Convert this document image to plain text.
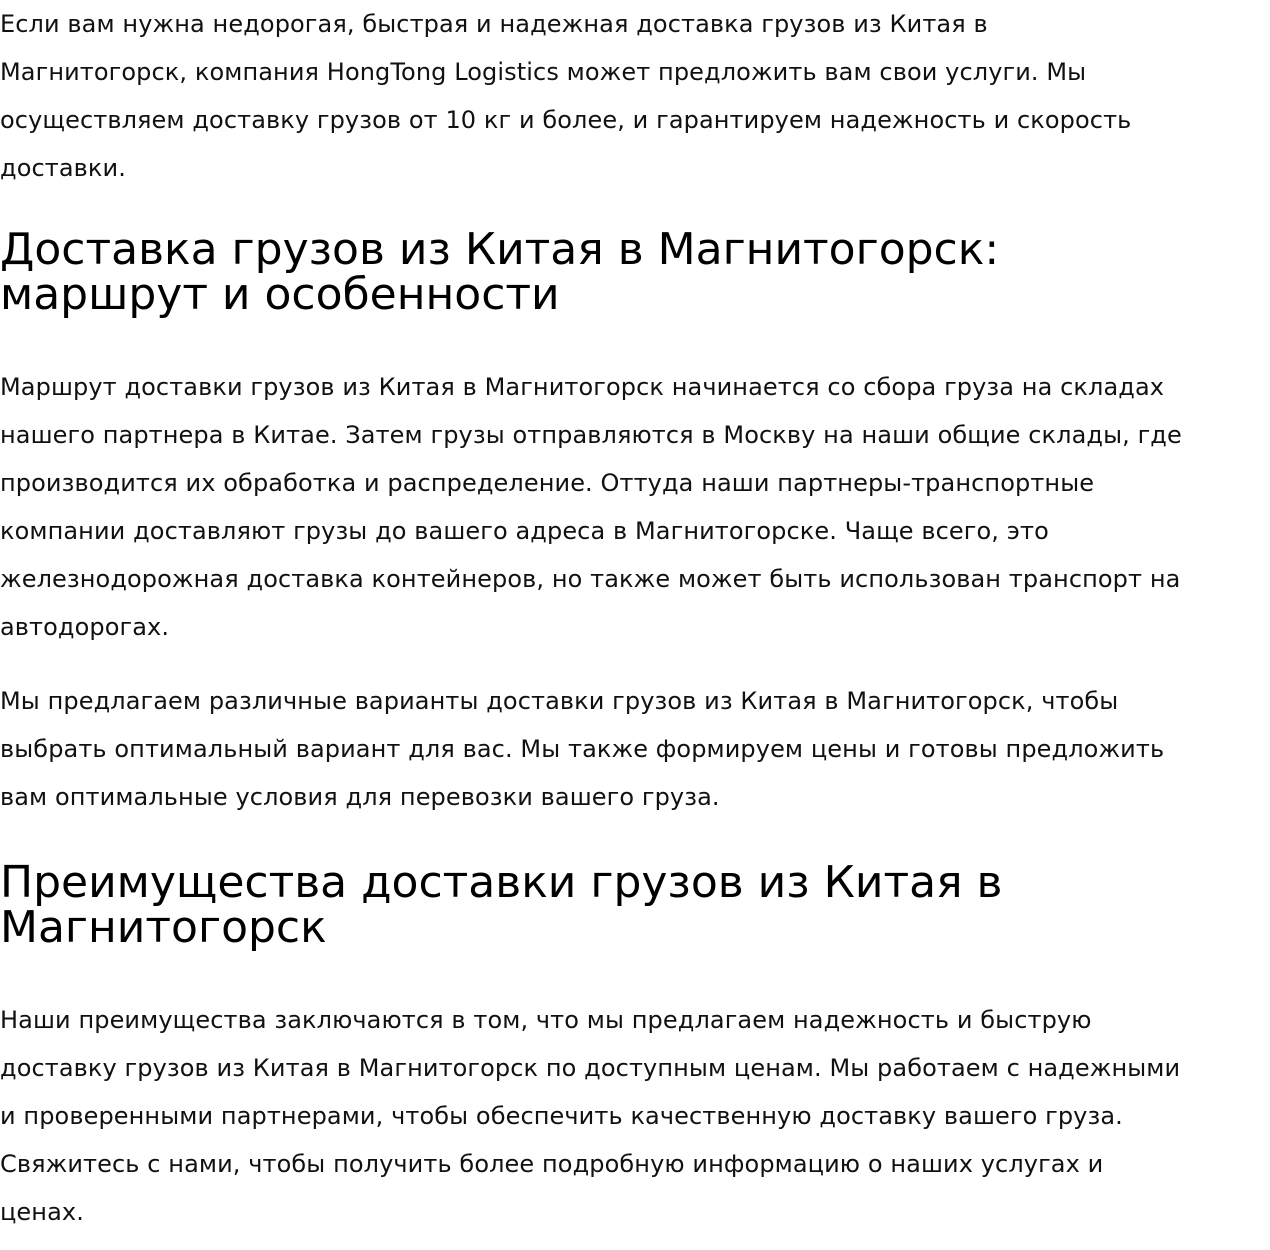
Если вам нужна недорогая, быстрая и надежная доставка грузов из Китая в
Магнитогорск, компания HongTong Logistics может предложить вам свои услуги. Мы
осуществляем доставку грузов от 10 кг и более, и гарантируем надежность и скорость
доставки.

Доставка грузов из Китая в Магнитогорск:
маршрут и особенности

Маршрут доставки грузов из Китая в Магнитогорск начинается со сбора груза на складах
нашего партнера в Китае. Затем грузы отправляются в Москву на наши общие склады, где
производится их обработка и распределение. Оттуда наши партнеры-транспортные
компании доставляют грузы до вашего адреса в Магнитогорске. Чаще всего, это
железнодорожная доставка контейнеров, но также может быть использован транспорт на
автодорогах.

Мы предлагаем различные варианты доставки грузов из Китая в Магнитогорск, чтобы
выбрать оптимальный вариант для вас. Мы также формируем цены и готовы предложить
вам оптимальные условия для перевозки вашего груза.

Преимущества доставки грузов из Китая в
Магнитогорск

Наши преимущества заключаются в том, что мы предлагаем надежность и быструю
доставку грузов из Китая в Магнитогорск по доступным ценам. Мы работаем с надежными
и проверенными партнерами, чтобы обеспечить качественную доставку вашего груза.
Свяжитесь с нами, чтобы получить более подробную информацию о наших услугах и
ценах.
